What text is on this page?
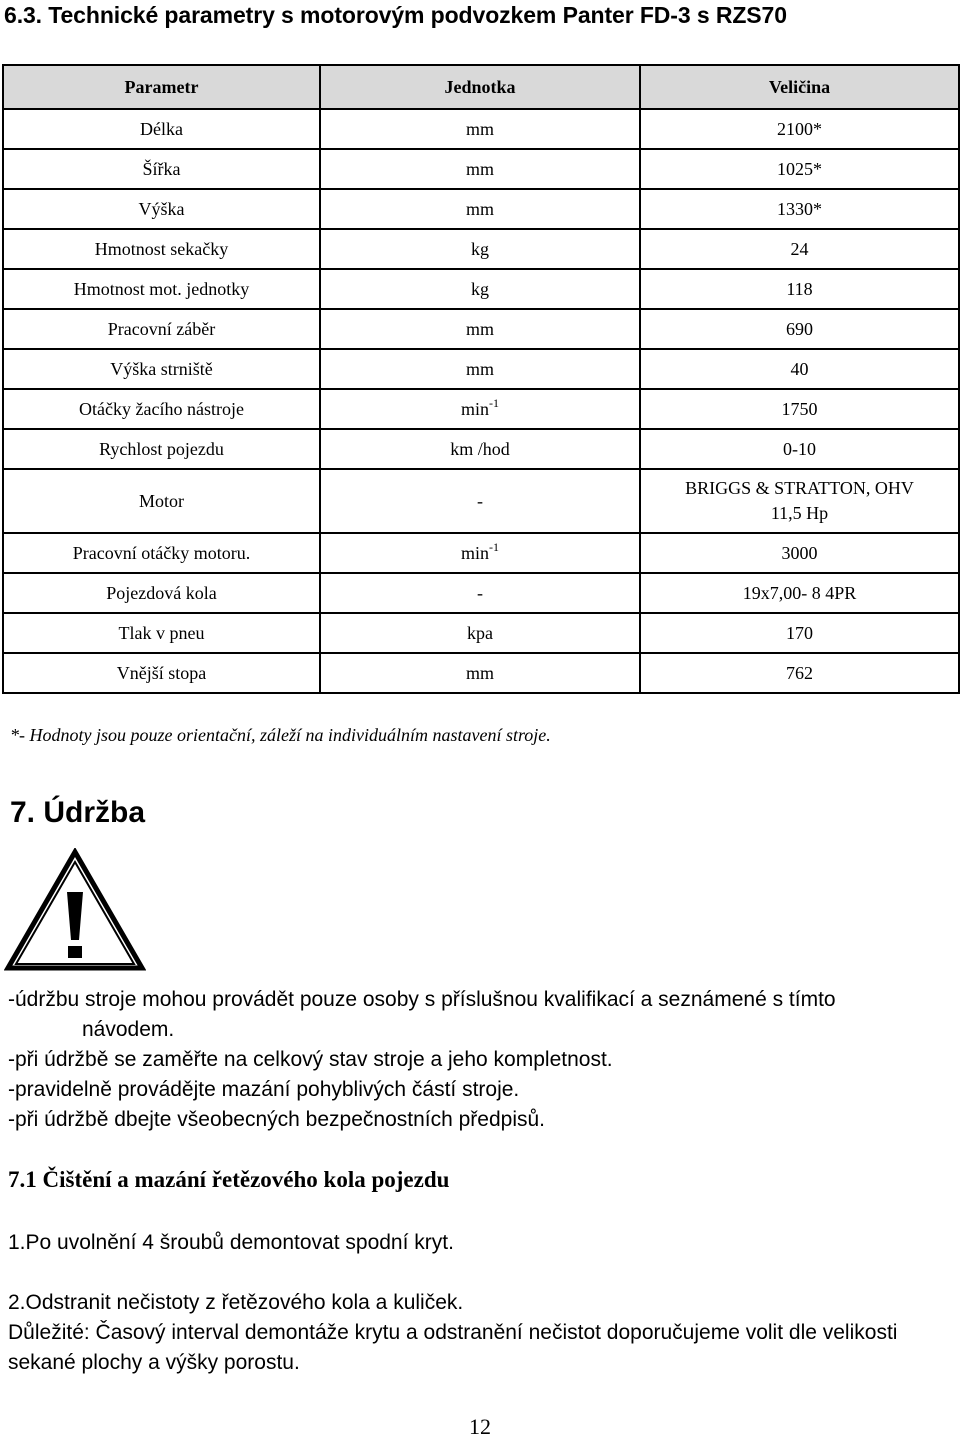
6.3. Technické parametry s motorovým podvozkem Panter FD-3 s RZS70
Parametr	Jednotka	Veličina
Délka	mm	2100*
Šířka	mm	1025*
Výška	mm	1330*
Hmotnost sekačky	kg	24
Hmotnost mot. jednotky	kg	118
Pracovní záběr	mm	690
Výška strniště	mm	40
Otáčky žacího nástroje	$\min^{-1}$	1750
Rychlost pojezdu	km /hod	0-10
Motor	-	BRIGGS & STRATTON, OHV
11,5 Hp
Pracovní otáčky motoru.	$\min^{-1}$	3000
Pojezdová kola	-	19x7,00- 8 4PR
Tlak v pneu	kpa	170
Vnější stopa	mm	762

*- Hodnoty jsou pouze orientační, záleží na individuálním nastavení stroje.

7. Údržba
-údržbu stroje mohou provádět pouze osoby s příslušnou kvalifikací a seznámené s tímto
návodem.
-při údržbě se zaměřte na celkový stav stroje a jeho kompletnost.
-pravidelně provádějte mazání pohyblivých částí stroje.
-při údržbě dbejte všeobecných bezpečnostních předpisů.
7.1 Čištění a mazání řetězového kola pojezdu

1.Po uvolnění 4 šroubů demontovat spodní kryt.

2.Odstranit nečistoty z řetězového kola a kuliček.
Důležité: Časový interval demontáže krytu a odstranění nečistot doporučujeme volit dle velikosti sekané plochy a výšky porostu.

12
